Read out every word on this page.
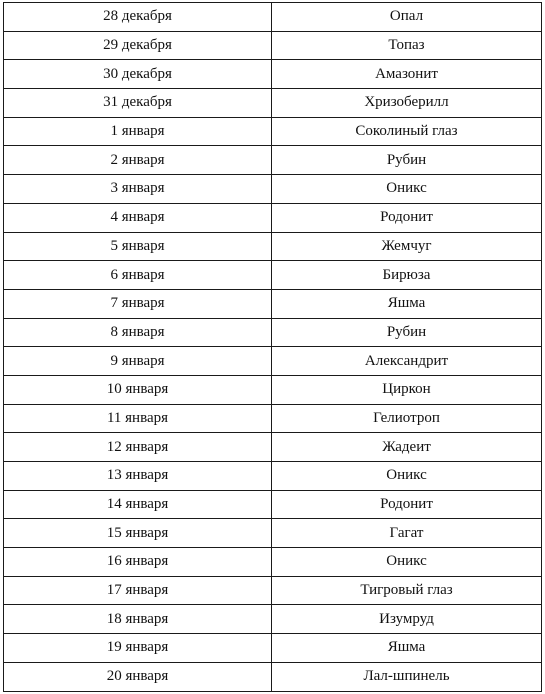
28 декабря	Опал
29 декабря	Топаз
30 декабря	Амазонит
31 декабря	Хризоберилл
1 января	Соколиный глаз
2 января	Рубин
3 января	Оникс
4 января	Родонит
5 января	Жемчуг
6 января	Бирюза
7 января	Яшма
8 января	Рубин
9 января	Александрит
10 января	Циркон
11 января	Гелиотроп
12 января	Жадеит
13 января	Оникс
14 января	Родонит
15 января	Гагат
16 января	Оникс
17 января	Тигровый глаз
18 января	Изумруд
19 января	Яшма
20 января	Лал-шпинель
